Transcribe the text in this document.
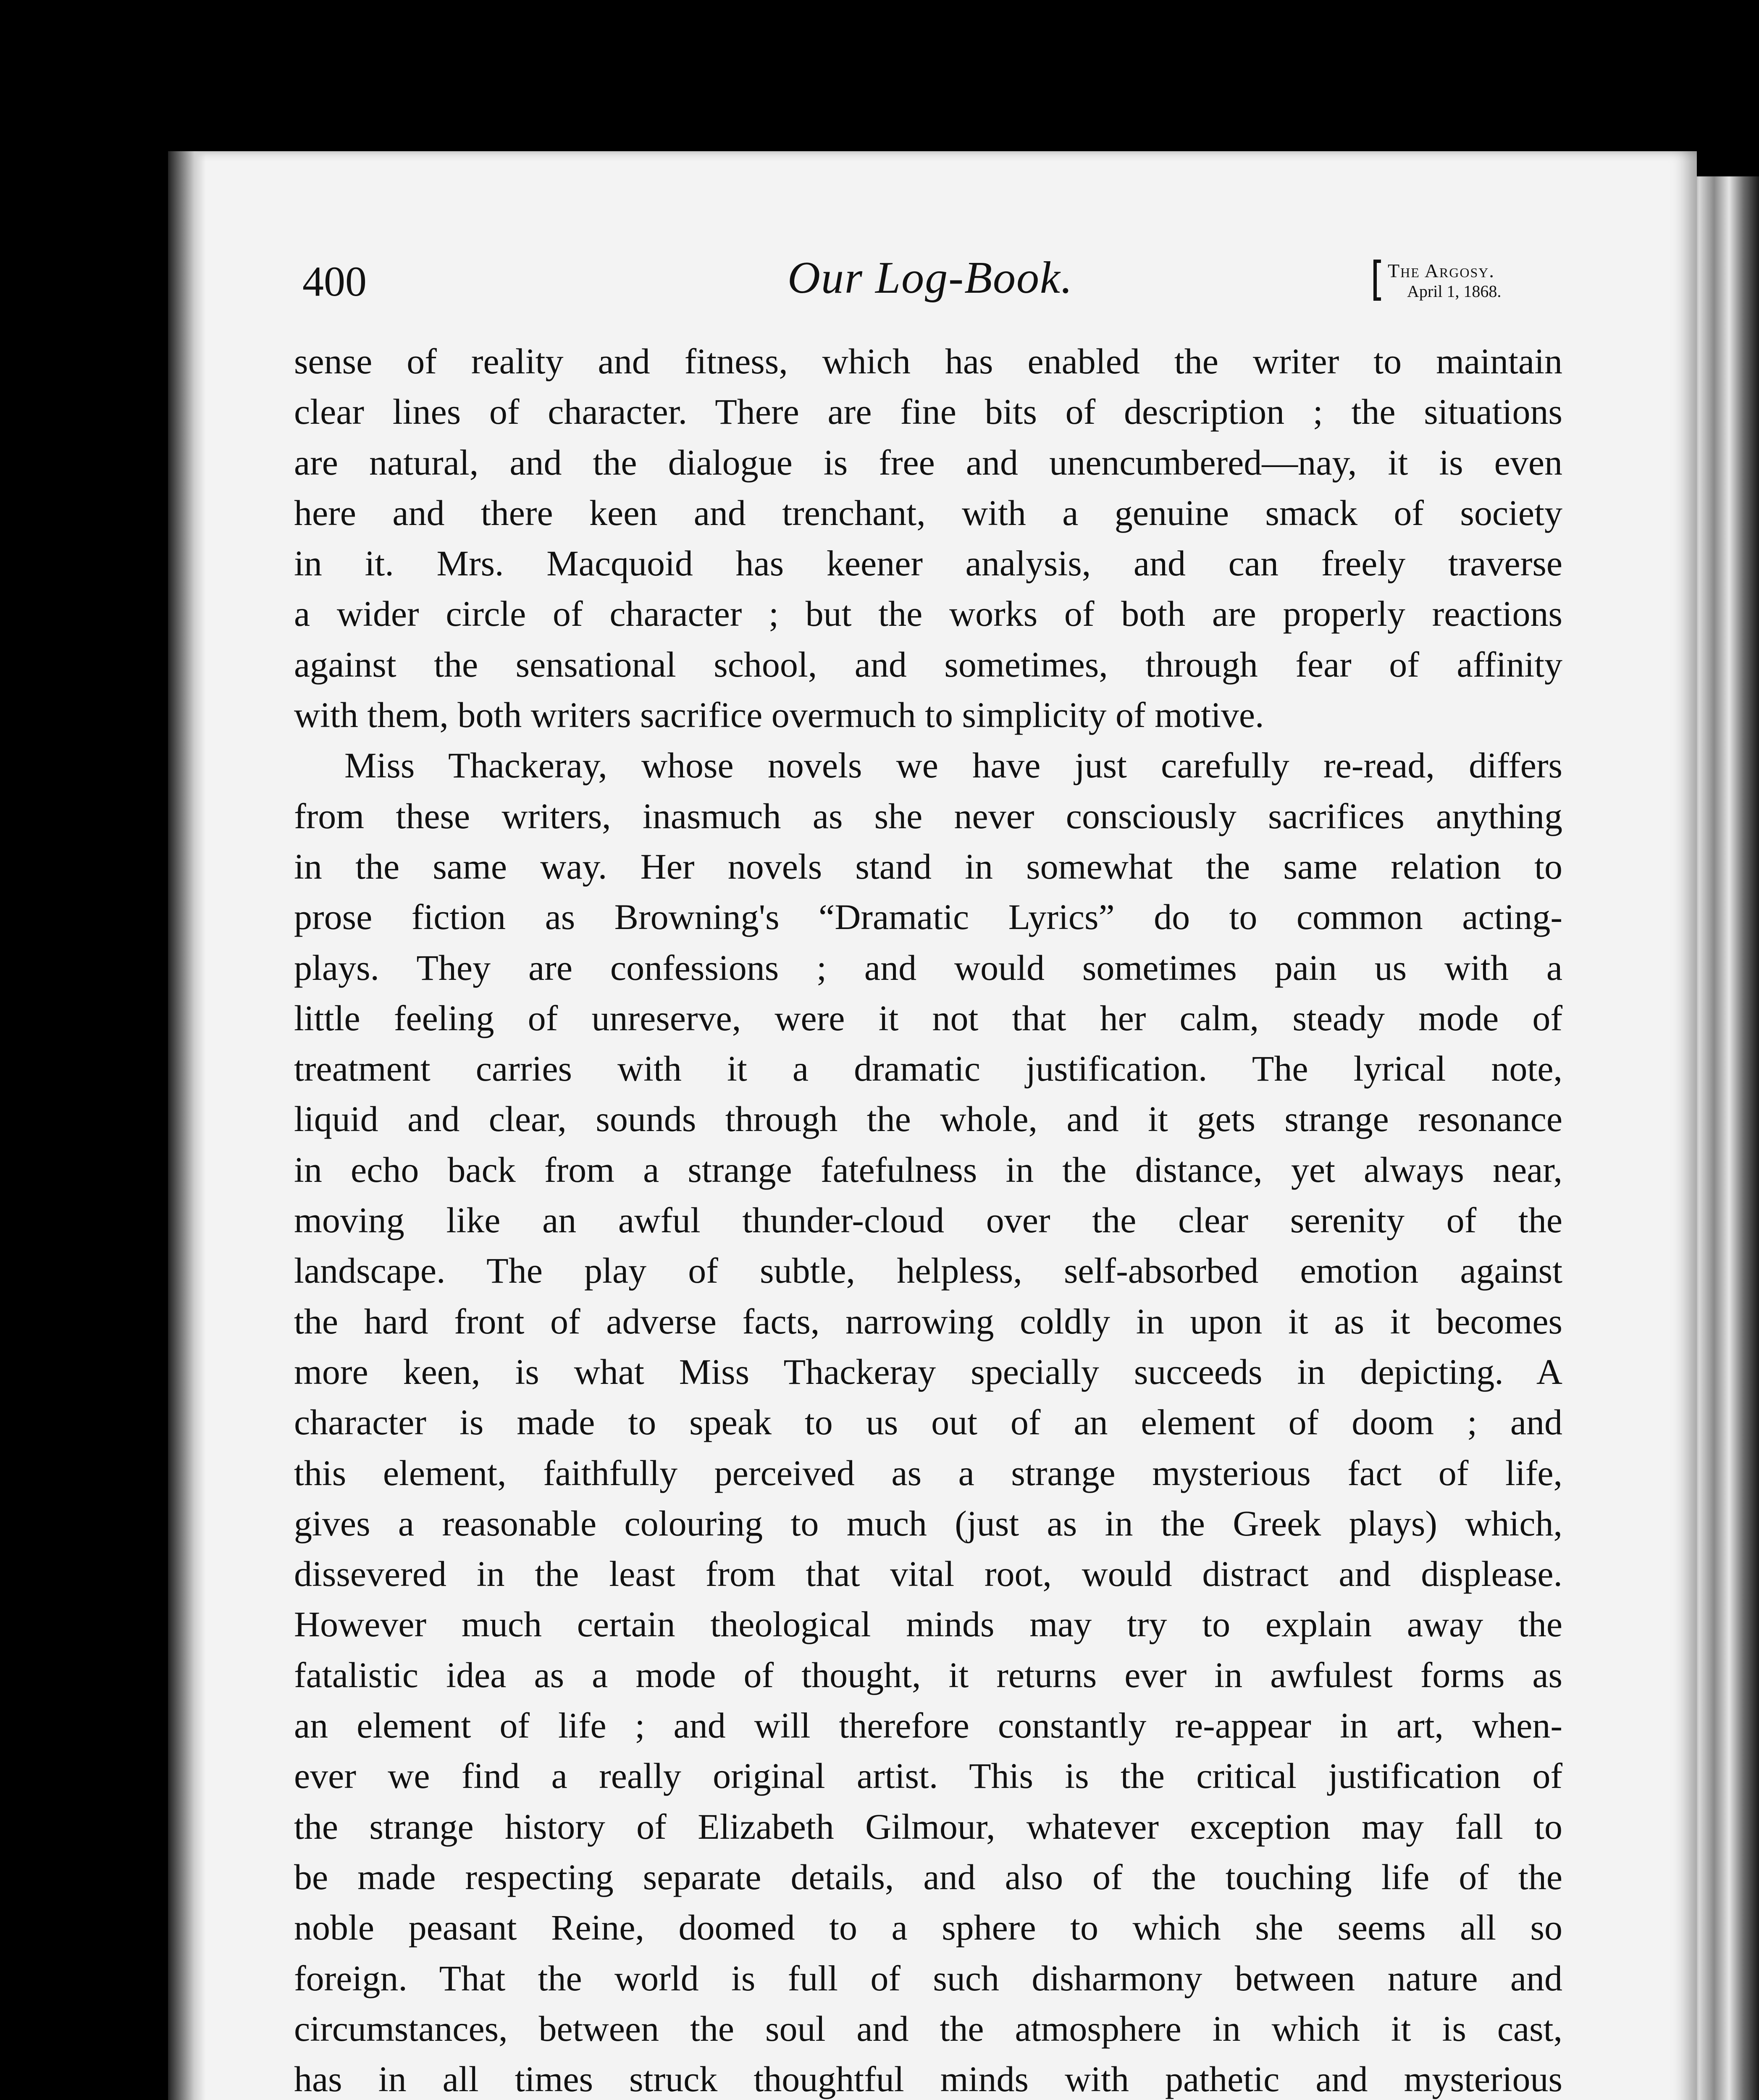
400	Our Log-Book.	The Argosy.
April 1, 1868.
sense of reality and fitness, which has enabled the writer to maintain
clear lines of character. There are fine bits of description ; the situations
are natural, and the dialogue is free and unencumbered—nay, it is even
here and there keen and trenchant, with a genuine smack of society
in it. Mrs. Macquoid has keener analysis, and can freely traverse
a wider circle of character ; but the works of both are properly reactions
against the sensational school, and sometimes, through fear of affinity
with them, both writers sacrifice overmuch to simplicity of motive.
Miss Thackeray, whose novels we have just carefully re-read, differs
from these writers, inasmuch as she never consciously sacrifices anything
in the same way. Her novels stand in somewhat the same relation to
prose fiction as Browning's “Dramatic Lyrics” do to common acting-
plays. They are confessions ; and would sometimes pain us with a
little feeling of unreserve, were it not that her calm, steady mode of
treatment carries with it a dramatic justification. The lyrical note,
liquid and clear, sounds through the whole, and it gets strange resonance
in echo back from a strange fatefulness in the distance, yet always near,
moving like an awful thunder-cloud over the clear serenity of the
landscape. The play of subtle, helpless, self-absorbed emotion against
the hard front of adverse facts, narrowing coldly in upon it as it becomes
more keen, is what Miss Thackeray specially succeeds in depicting. A
character is made to speak to us out of an element of doom ; and
this element, faithfully perceived as a strange mysterious fact of life,
gives a reasonable colouring to much (just as in the Greek plays) which,
dissevered in the least from that vital root, would distract and displease.
However much certain theological minds may try to explain away the
fatalistic idea as a mode of thought, it returns ever in awfulest forms as
an element of life ; and will therefore constantly re-appear in art, when-
ever we find a really original artist. This is the critical justification of
the strange history of Elizabeth Gilmour, whatever exception may fall to
be made respecting separate details, and also of the touching life of the
noble peasant Reine, doomed to a sphere to which she seems all so
foreign. That the world is full of such disharmony between nature and
circumstances, between the soul and the atmosphere in which it is cast,
has in all times struck thoughtful minds with pathetic and mysterious
